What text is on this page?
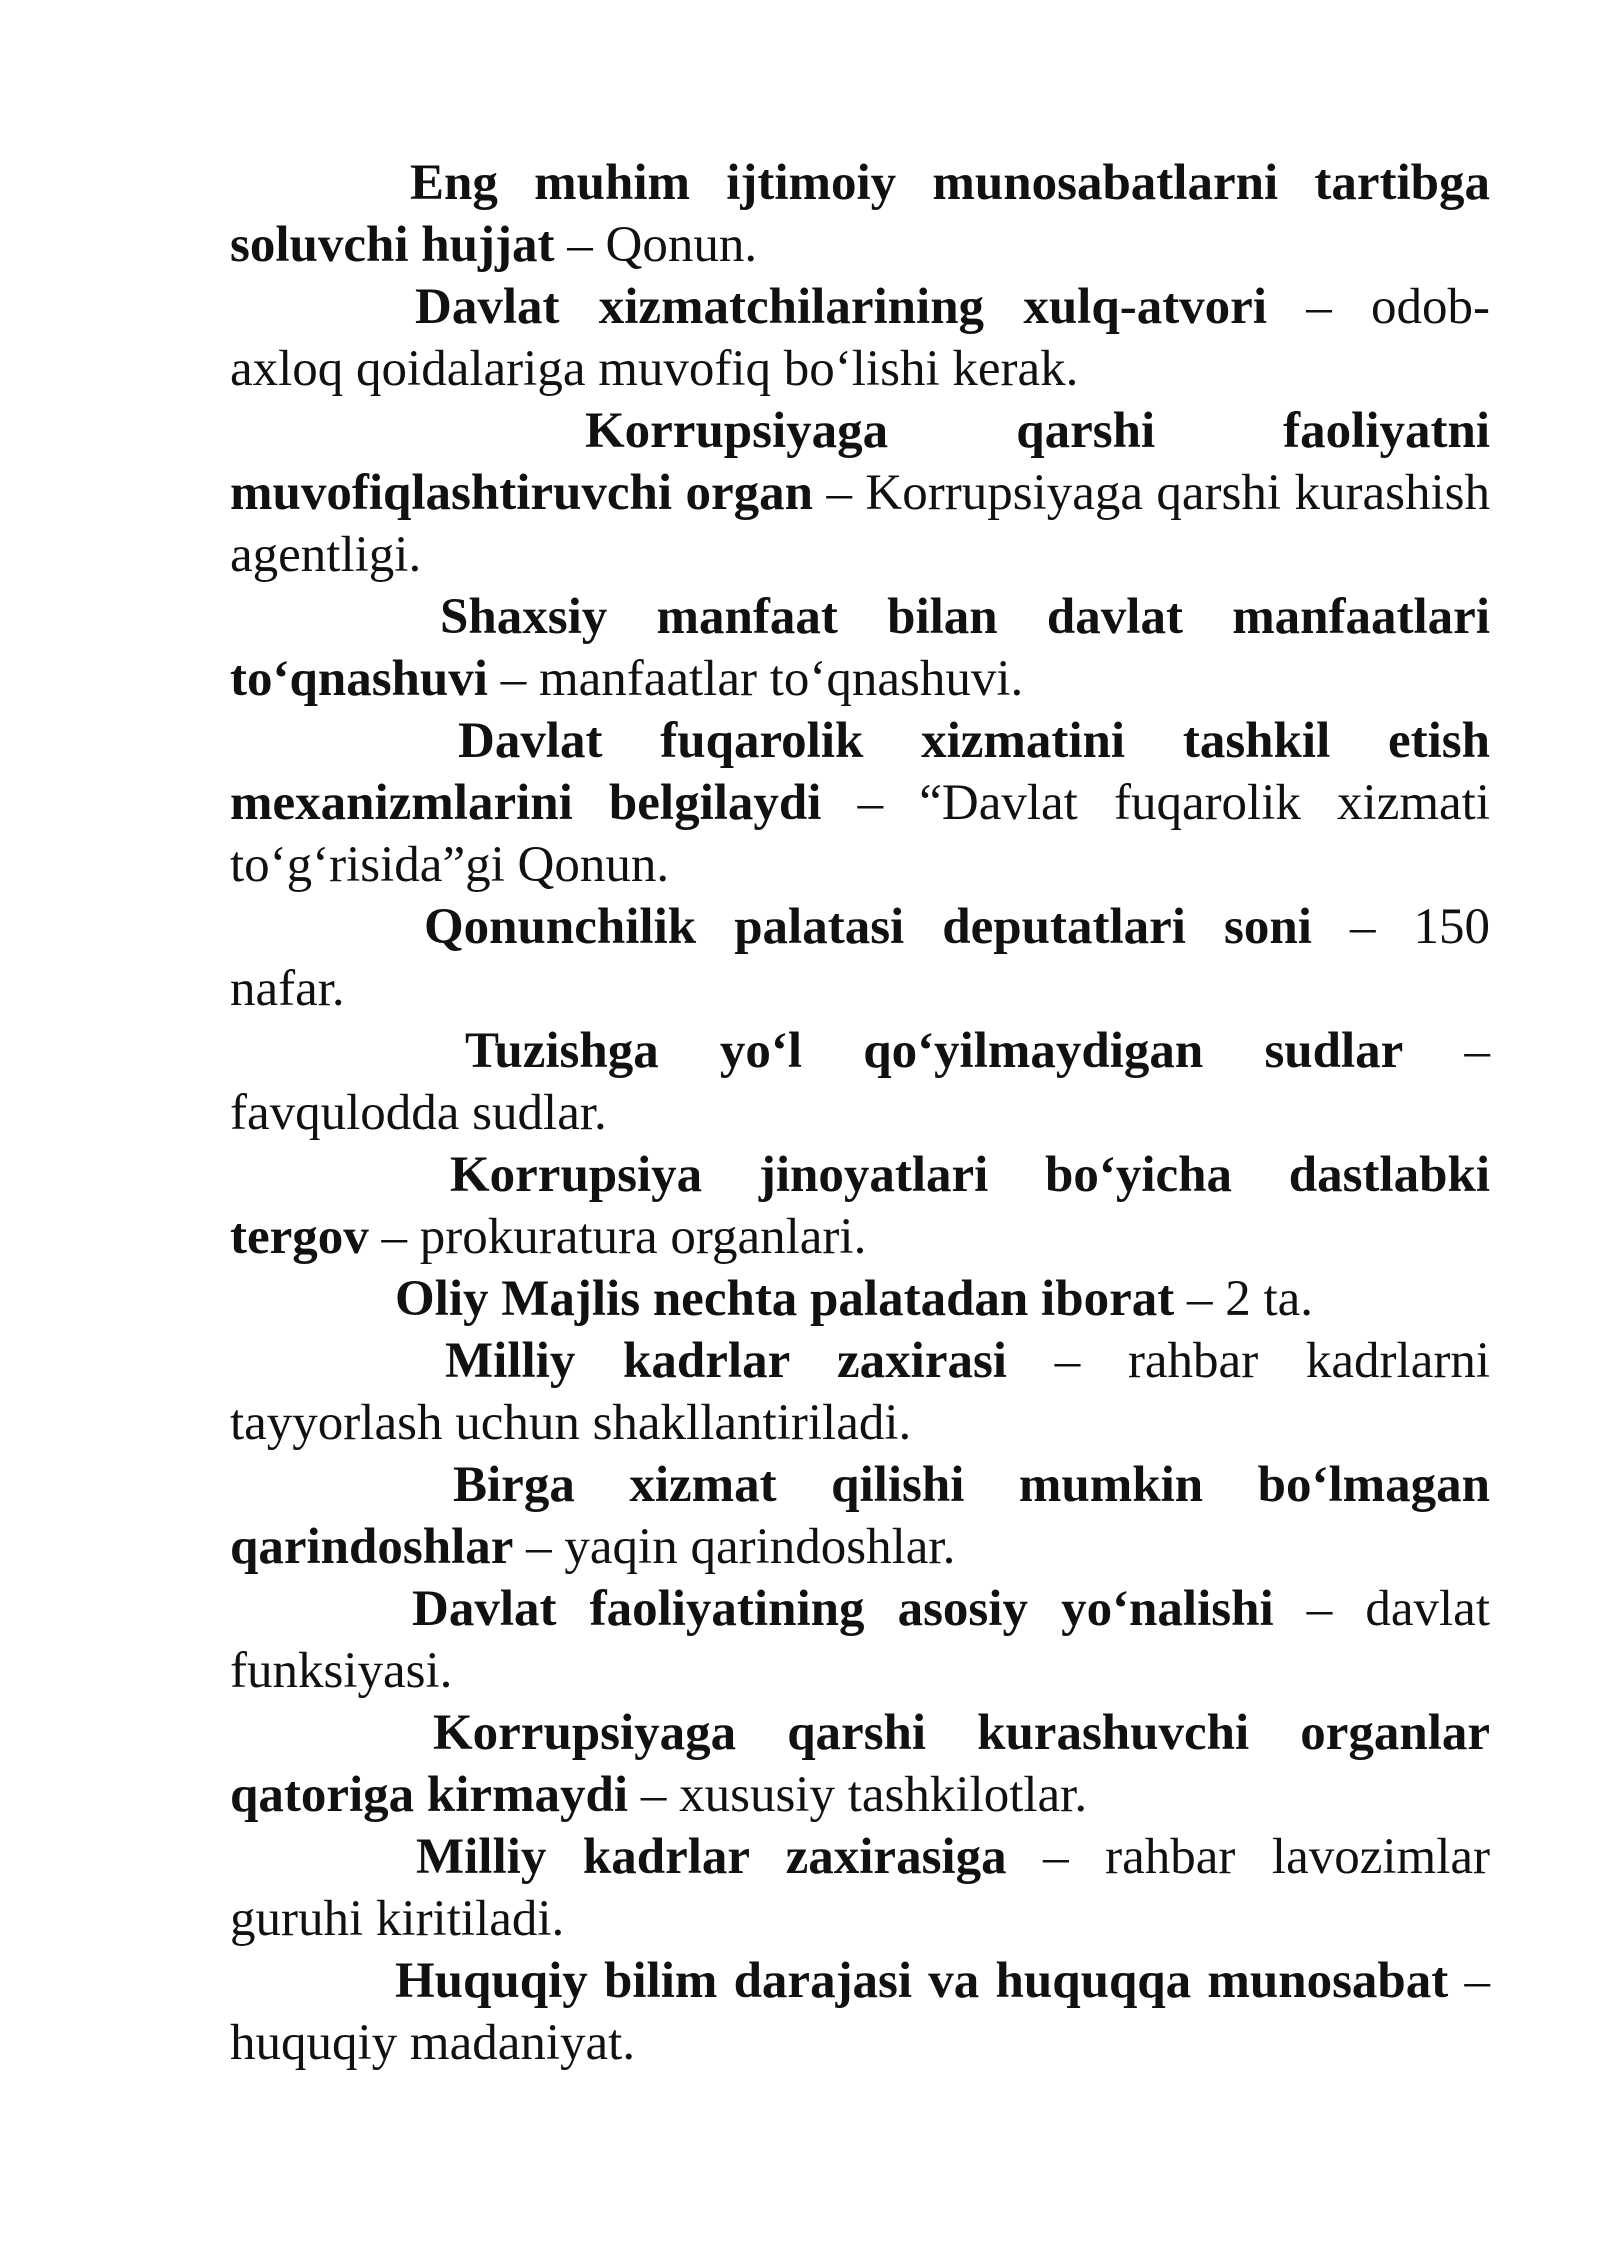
Eng muhim ijtimoiy munosabatlarni tartibga soluvchi hujjat – Qonun.

Davlat xizmatchilarining xulq-atvori – odob-axloq qoidalariga muvofiq bo‘lishi kerak.

Korrupsiyaga qarshi faoliyatni muvofiqlashtiruvchi organ – Korrupsiyaga qarshi kurashish agentligi.

Shaxsiy manfaat bilan davlat manfaatlari to‘qnashuvi – manfaatlar to‘qnashuvi.

Davlat fuqarolik xizmatini tashkil etish mexanizmlarini belgilaydi – “Davlat fuqarolik xizmati to‘g‘risida”gi Qonun.

Qonunchilik palatasi deputatlari soni – 150 nafar.

Tuzishga yo‘l qo‘yilmaydigan sudlar – favqulodda sudlar.

Korrupsiya jinoyatlari bo‘yicha dastlabki tergov – prokuratura organlari.

Oliy Majlis nechta palatadan iborat – 2 ta.

Milliy kadrlar zaxirasi – rahbar kadrlarni tayyorlash uchun shakllantiriladi.

Birga xizmat qilishi mumkin bo‘lmagan qarindoshlar – yaqin qarindoshlar.

Davlat faoliyatining asosiy yo‘nalishi – davlat funksiyasi.

Korrupsiyaga qarshi kurashuvchi organlar qatoriga kirmaydi – xususiy tashkilotlar.

Milliy kadrlar zaxirasiga – rahbar lavozimlar guruhi kiritiladi.

Huquqiy bilim darajasi va huquqqa munosabat – huquqiy madaniyat.
